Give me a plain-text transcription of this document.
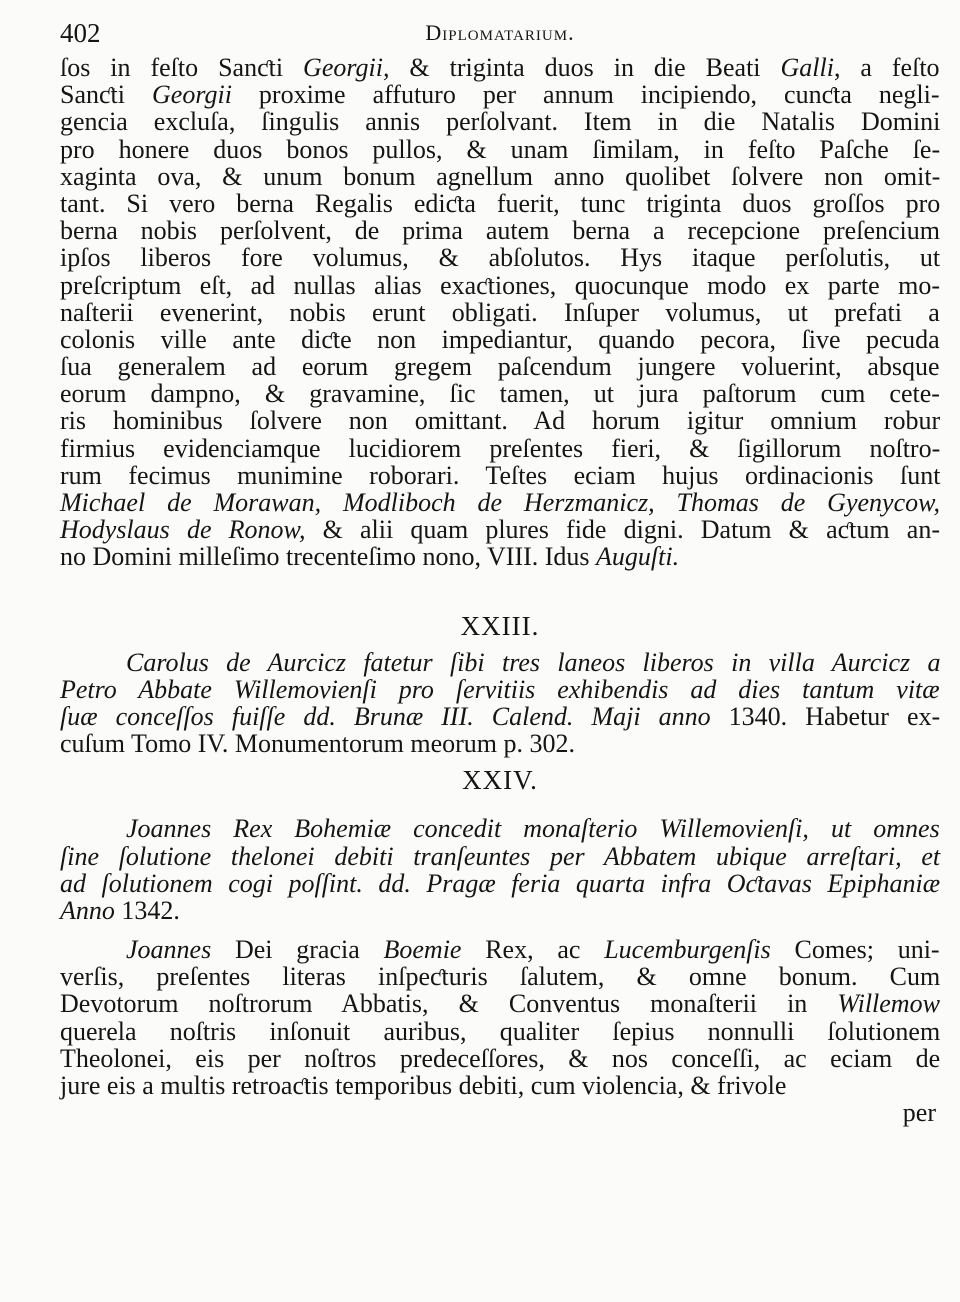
402	Diplomatarium.
ſos in feſto Sanƈti Georgii, & triginta duos in die Beati Galli, a feſto
Sanƈti Georgii proxime affuturo per annum incipiendo, cunƈta negli-
gencia excluſa, ſingulis annis perſolvant. Item in die Natalis Domini
pro honere duos bonos pullos, & unam ſimilam, in feſto Paſche ſe-
xaginta ova, & unum bonum agnellum anno quolibet ſolvere non omit-
tant. Si vero berna Regalis ediƈta fuerit, tunc triginta duos groſſos pro
berna nobis perſolvent, de prima autem berna a recepcione preſencium
ipſos liberos fore volumus, & abſolutos. Hys itaque perſolutis, ut
preſcriptum eſt, ad nullas alias exaƈtiones, quocunque modo ex parte mo-
naſterii evenerint, nobis erunt obligati. Inſuper volumus, ut prefati a
colonis ville ante diƈte non impediantur, quando pecora, ſive pecuda
ſua generalem ad eorum gregem paſcendum jungere voluerint, absque
eorum dampno, & gravamine, ſic tamen, ut jura paſtorum cum cete-
ris hominibus ſolvere non omittant. Ad horum igitur omnium robur
firmius evidenciamque lucidiorem preſentes fieri, & ſigillorum noſtro-
rum fecimus munimine roborari. Teſtes eciam hujus ordinacionis ſunt
Michael de Morawan, Modliboch de Herzmanicz, Thomas de Gyenycow,
Hodyslaus de Ronow, & alii quam plures fide digni. Datum & aƈtum an-
no Domini milleſimo trecenteſimo nono, VIII. Idus Auguſti.
XXIII.
Carolus de Aurcicz fatetur ſibi tres laneos liberos in villa Aurcicz a
Petro Abbate Willemovienſi pro ſervitiis exhibendis ad dies tantum vitæ
ſuæ conceſſos fuiſſe dd. Brunæ III. Calend. Maji anno 1340. Habetur ex-
cuſum Tomo IV. Monumentorum meorum p. 302.
XXIV.
Joannes Rex Bohemiæ concedit monaſterio Willemovienſi, ut omnes
ſine ſolutione thelonei debiti tranſeuntes per Abbatem ubique arreſtari, et
ad ſolutionem cogi poſſint. dd. Pragæ feria quarta infra Oƈtavas Epiphaniæ
Anno 1342.
Joannes Dei gracia Boemie Rex, ac Lucemburgenſis Comes; uni-
verſis, preſentes literas inſpeƈturis ſalutem, & omne bonum. Cum
Devotorum noſtrorum Abbatis, & Conventus monaſterii in Willemow
querela noſtris inſonuit auribus, qualiter ſepius nonnulli ſolutionem
Theolonei, eis per noſtros predeceſſores, & nos conceſſi, ac eciam de
jure eis a multis retroaƈtis temporibus debiti, cum violencia, & frivole
per
